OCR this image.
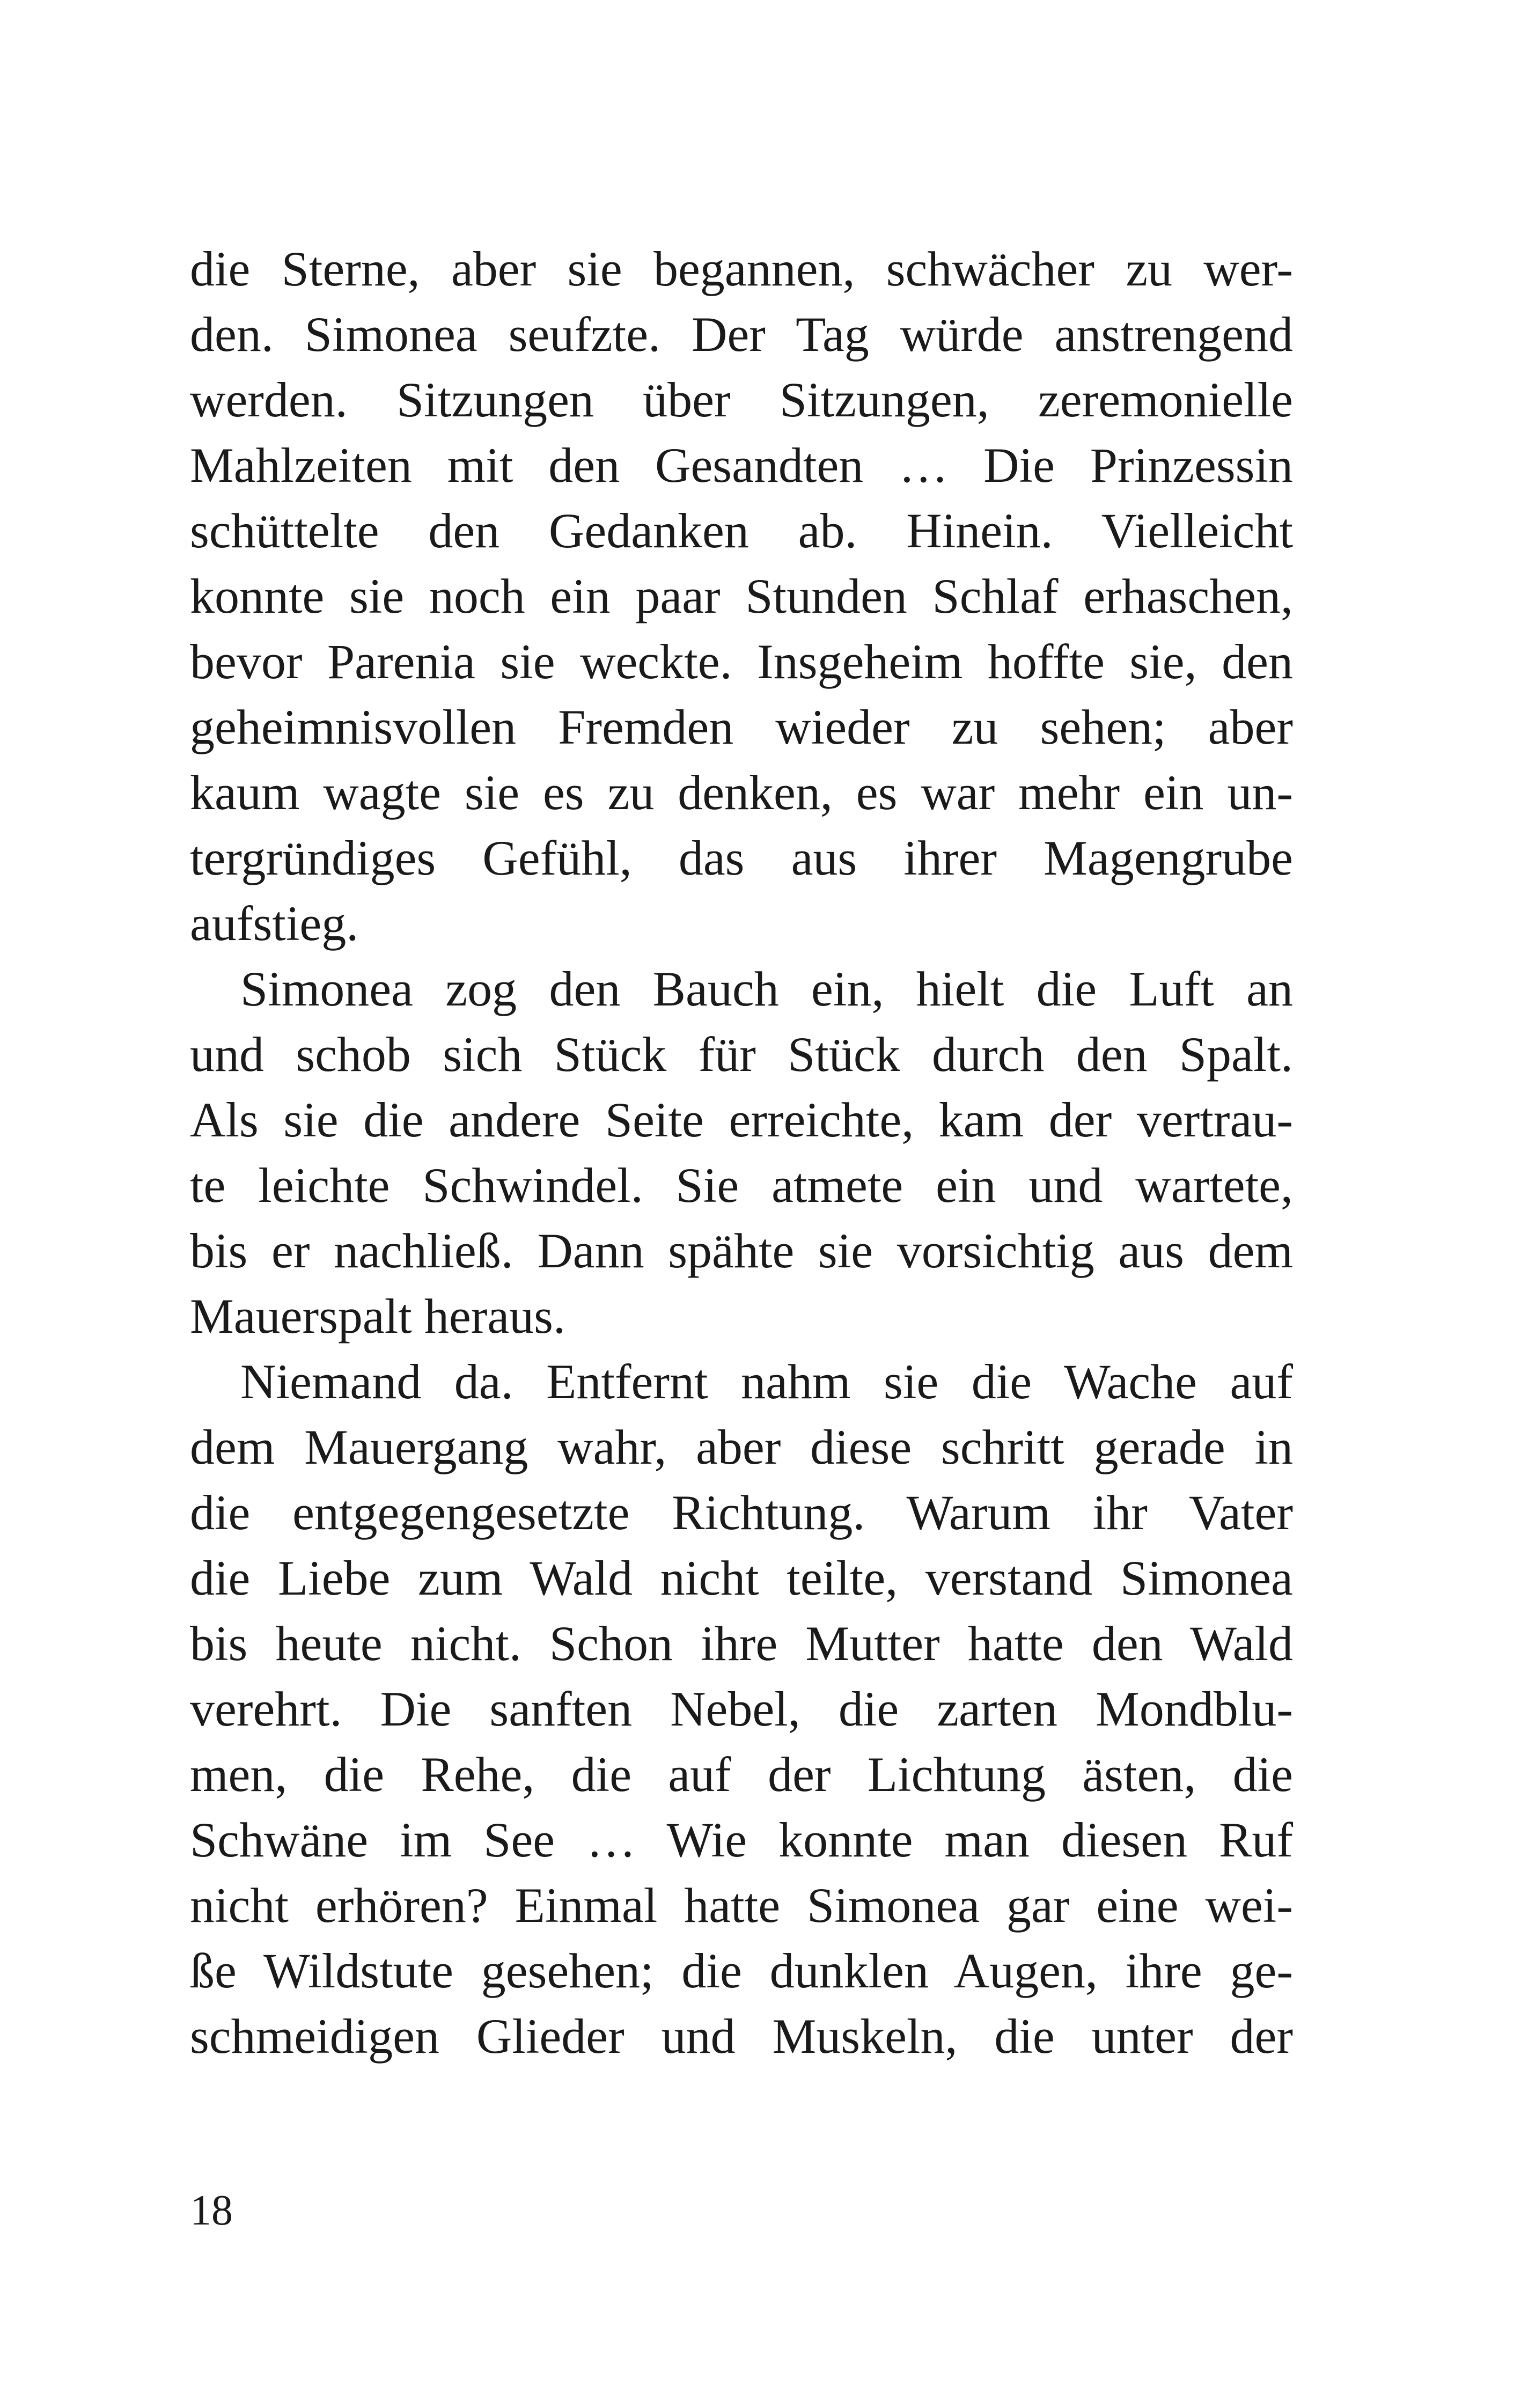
die Sterne, aber sie begannen, schwächer zu wer-
den. Simonea seufzte. Der Tag würde anstrengend
werden. Sitzungen über Sitzungen, zeremonielle
Mahlzeiten mit den Gesandten … Die Prinzessin
schüttelte den Gedanken ab. Hinein. Vielleicht
konnte sie noch ein paar Stunden Schlaf erhaschen,
bevor Parenia sie weckte. Insgeheim hoffte sie, den
geheimnisvollen Fremden wieder zu sehen; aber
kaum wagte sie es zu denken, es war mehr ein un-
tergründiges Gefühl, das aus ihrer Magengrube
aufstieg.
Simonea zog den Bauch ein, hielt die Luft an
und schob sich Stück für Stück durch den Spalt.
Als sie die andere Seite erreichte, kam der vertrau-
te leichte Schwindel. Sie atmete ein und wartete,
bis er nachließ. Dann spähte sie vorsichtig aus dem
Mauerspalt heraus.
Niemand da. Entfernt nahm sie die Wache auf
dem Mauergang wahr, aber diese schritt gerade in
die entgegengesetzte Richtung. Warum ihr Vater
die Liebe zum Wald nicht teilte, verstand Simonea
bis heute nicht. Schon ihre Mutter hatte den Wald
verehrt. Die sanften Nebel, die zarten Mondblu-
men, die Rehe, die auf der Lichtung ästen, die
Schwäne im See … Wie konnte man diesen Ruf
nicht erhören? Einmal hatte Simonea gar eine wei-
ße Wildstute gesehen; die dunklen Augen, ihre ge-
schmeidigen Glieder und Muskeln, die unter der
18
